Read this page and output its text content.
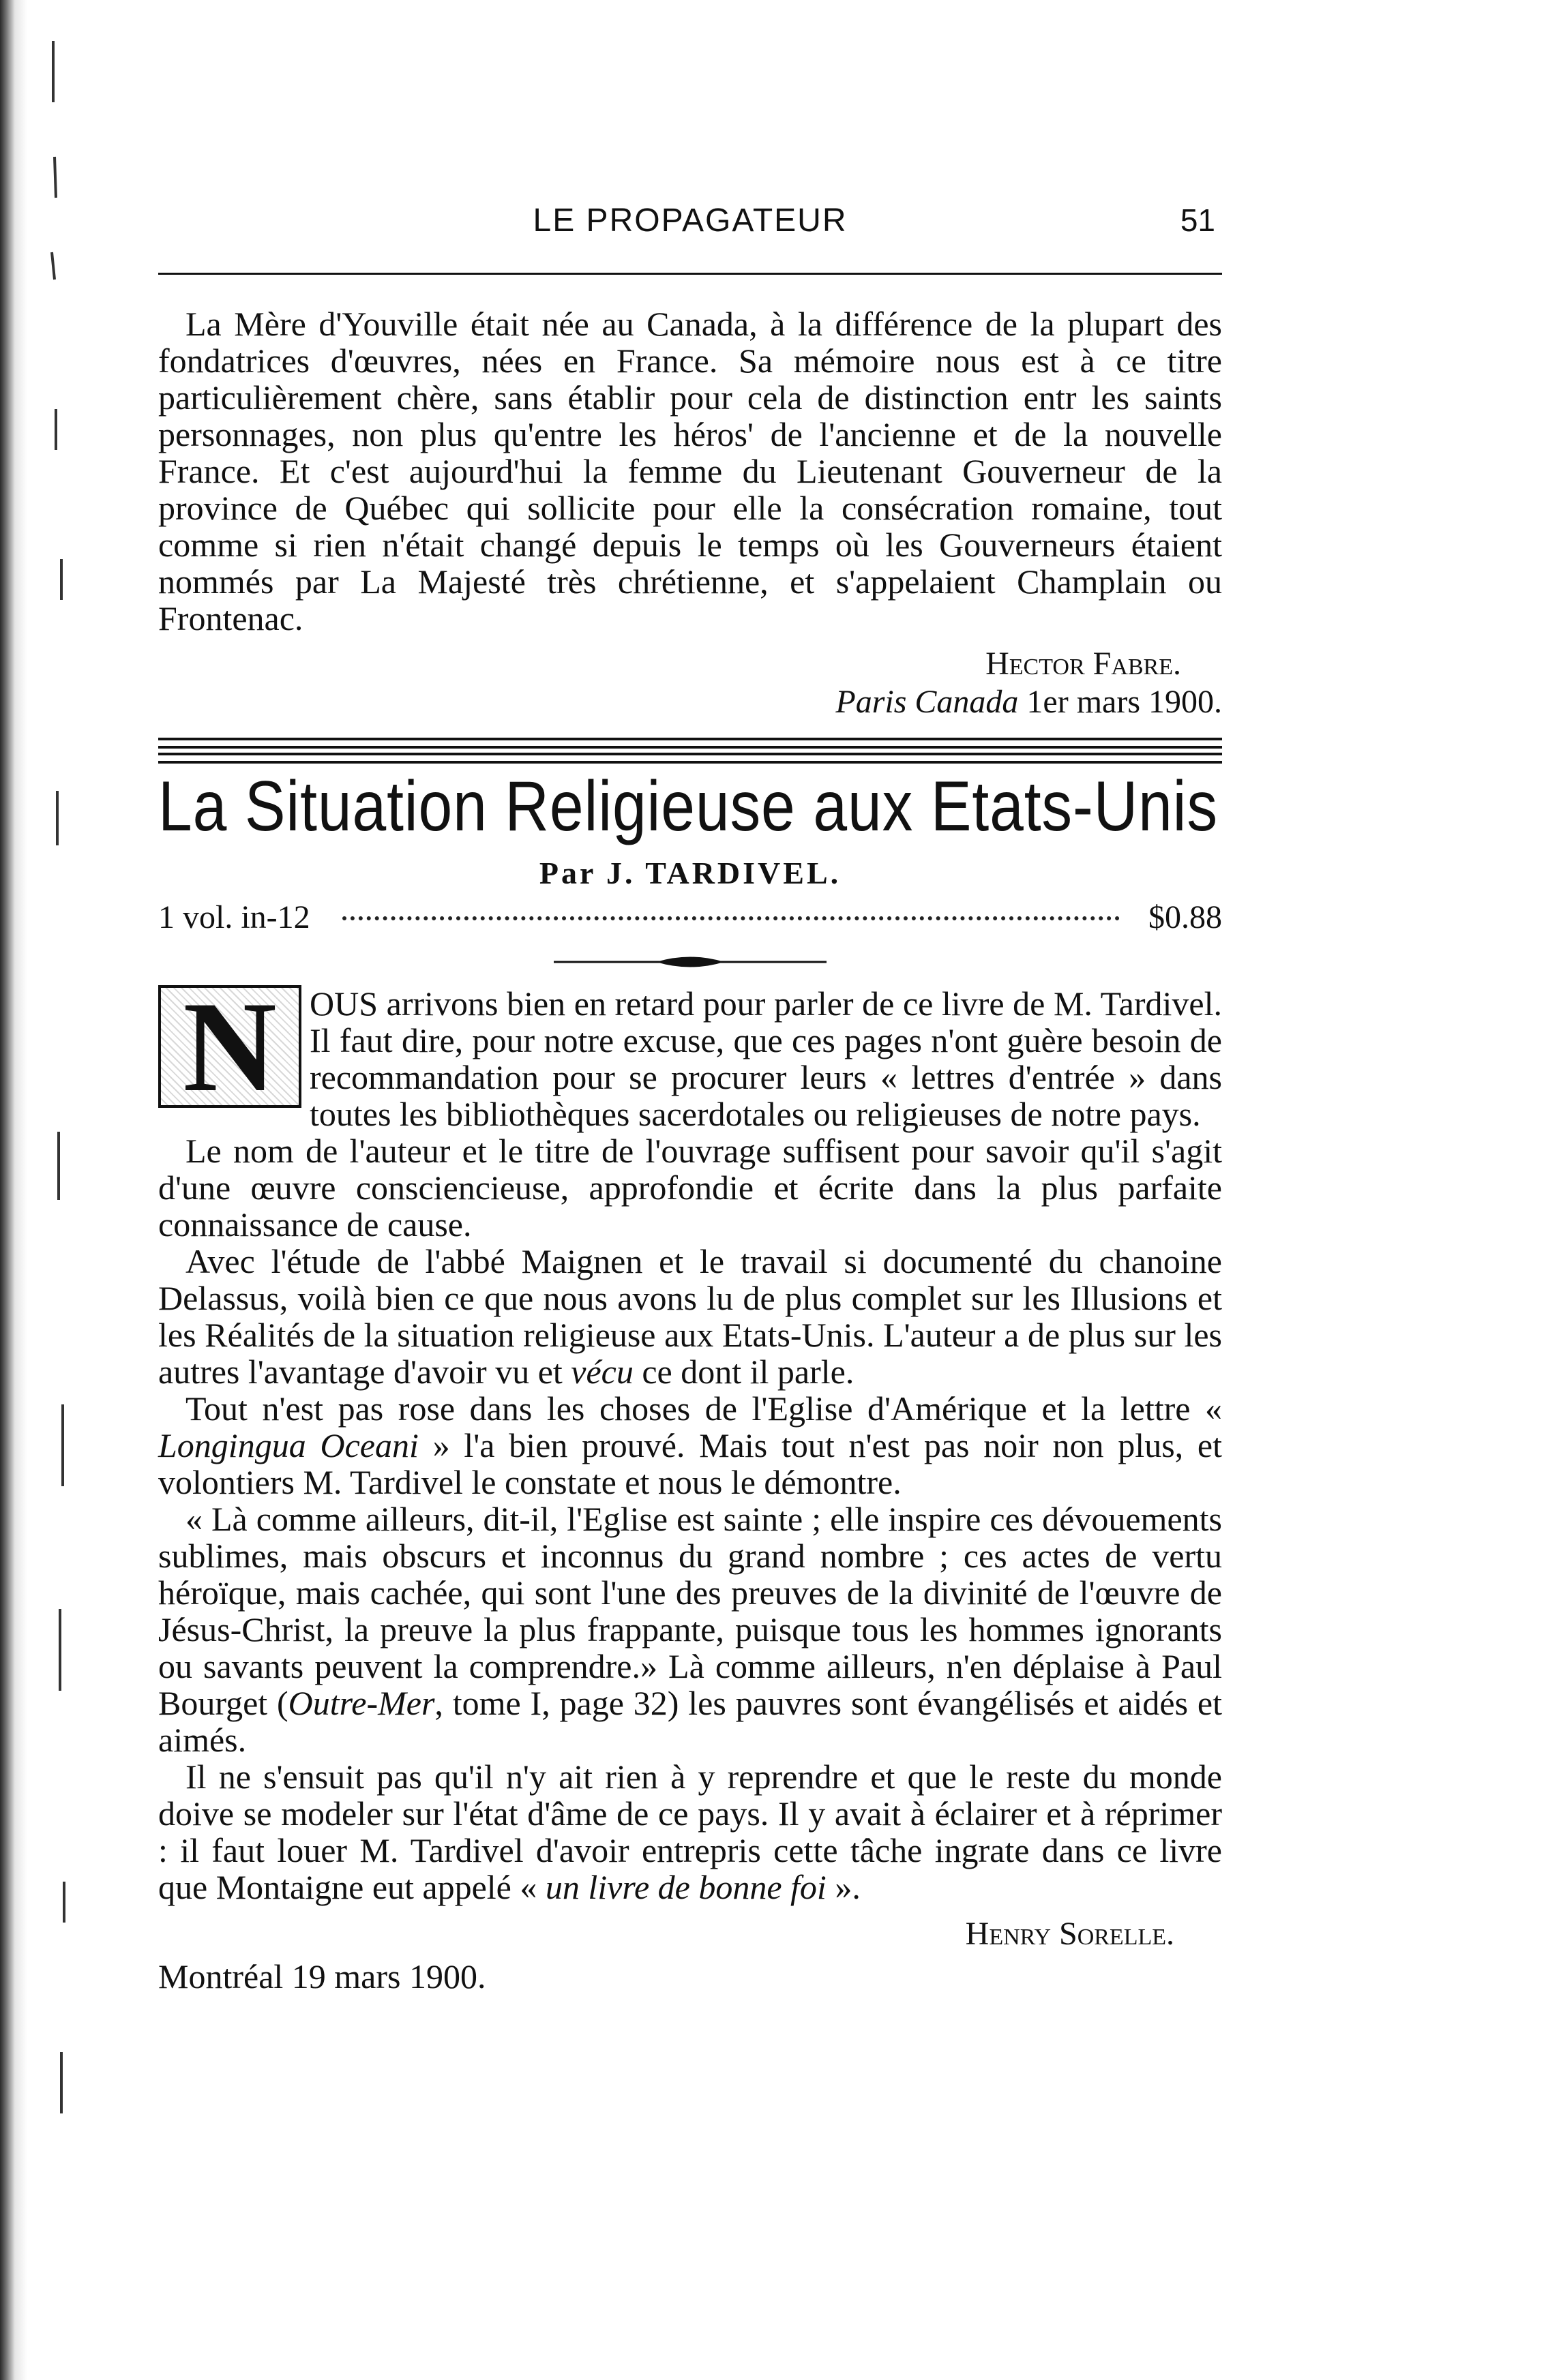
LE PROPAGATEUR	51

La Mère d'Youville était née au Canada, à la différence de la plupart des fondatrices d'œuvres, nées en France. Sa mémoire nous est à ce titre particulièrement chère, sans établir pour cela de distinction entr les saints personnages, non plus qu'entre les héros' de l'ancienne et de la nouvelle France. Et c'est aujourd'hui la femme du Lieutenant Gouverneur de la province de Québec qui sollicite pour elle la consécration romaine, tout comme si rien n'était changé depuis le temps où les Gouverneurs étaient nommés par La Majesté très chrétienne, et s'appelaient Champlain ou Frontenac.

Hector Fabre.
Paris Canada 1er mars 1900.
La Situation Religieuse aux Etats-Unis
Par J. TARDIVEL.
1 vol. in-12	$0.88

N OUS arrivons bien en retard pour parler de ce livre de M. Tardivel. Il faut dire, pour notre excuse, que ces pages n'ont guère besoin de recommandation pour se procurer leurs « lettres d'entrée » dans toutes les bibliothèques sacerdotales ou religieuses de notre pays.

Le nom de l'auteur et le titre de l'ouvrage suffisent pour savoir qu'il s'agit d'une œuvre consciencieuse, approfondie et écrite dans la plus parfaite connaissance de cause.

Avec l'étude de l'abbé Maignen et le travail si documenté du chanoine Delassus, voilà bien ce que nous avons lu de plus complet sur les Illusions et les Réalités de la situation religieuse aux Etats-Unis. L'auteur a de plus sur les autres l'avantage d'avoir vu et vécu ce dont il parle.

Tout n'est pas rose dans les choses de l'Eglise d'Amérique et la lettre « Longingua Oceani » l'a bien prouvé. Mais tout n'est pas noir non plus, et volontiers M. Tardivel le constate et nous le démontre.

« Là comme ailleurs, dit-il, l'Eglise est sainte ; elle inspire ces dévouements sublimes, mais obscurs et inconnus du grand nombre ; ces actes de vertu héroïque, mais cachée, qui sont l'une des preuves de la divinité de l'œuvre de Jésus-Christ, la preuve la plus frappante, puisque tous les hommes ignorants ou savants peuvent la comprendre.» Là comme ailleurs, n'en déplaise à Paul Bourget (Outre-Mer, tome I, page 32) les pauvres sont évangélisés et aidés et aimés.

Il ne s'ensuit pas qu'il n'y ait rien à y reprendre et que le reste du monde doive se modeler sur l'état d'âme de ce pays. Il y avait à éclairer et à réprimer : il faut louer M. Tardivel d'avoir entrepris cette tâche ingrate dans ce livre que Montaigne eut appelé « un livre de bonne foi ».

Henry Sorelle.
Montréal 19 mars 1900.
